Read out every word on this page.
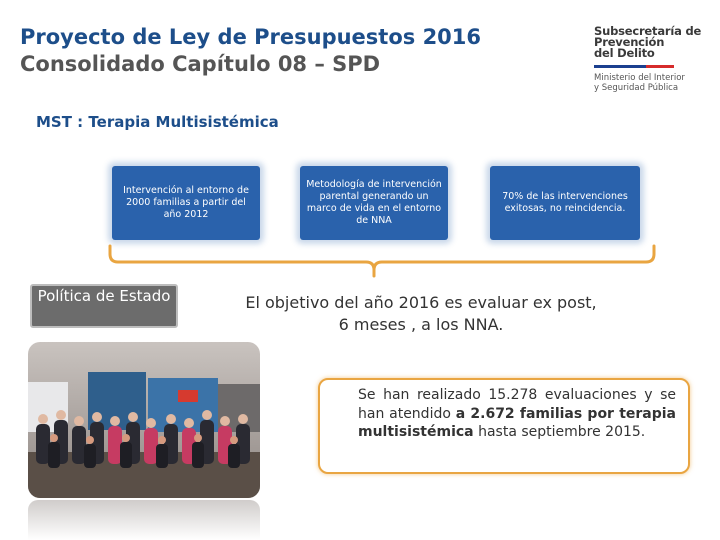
Proyecto de Ley de Presupuestos 2016
Consolidado Capítulo 08 – SPD
Subsecretaría de
Prevención
del Delito
Ministerio del Interior
y Seguridad Pública
MST : Terapia Multisistémica
Intervención al entorno de 2000 familias a partir del año 2012
Metodología de intervención parental generando un marco de vida en el entorno de NNA
70% de las intervenciones exitosas, no reincidencia.
Política de Estado	El objetivo del año 2016 es evaluar ex post,
6 meses , a los NNA.
Se han realizado 15.278 evaluaciones y se han atendido a 2.672 familias por terapia multisistémica hasta septiembre 2015.
